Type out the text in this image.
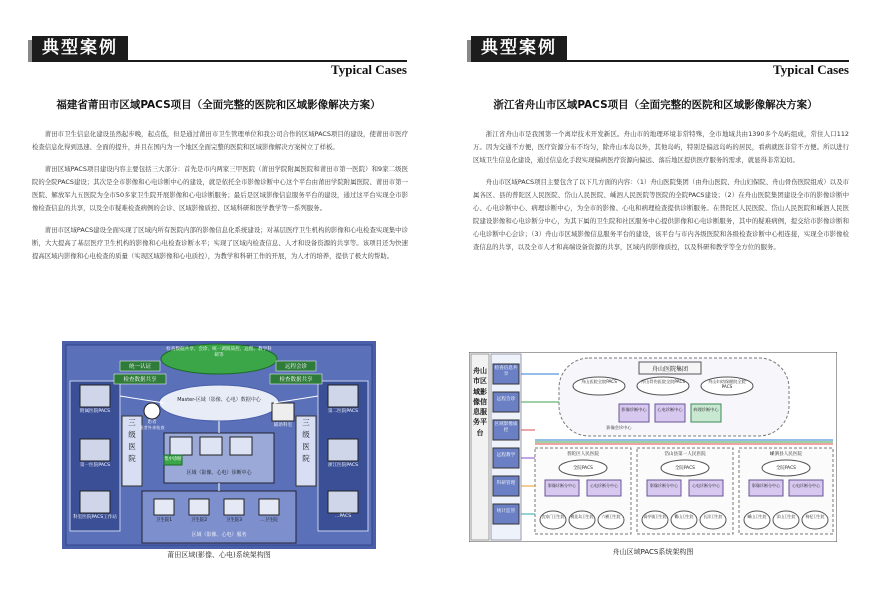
典型案例
Typical Cases
福建省莆田市区域PACS项目（全面完整的医院和区域影像解决方案）

莆田市卫生信息化建设虽然起步晚，起点低，但是通过莆田市卫生管理单位和我公司合作的区域PACS项目的建设，使莆田市医疗检查信息化得到迅速、全面的提升，并且在国内为一个地区全面完整的医院和区域影像解决方案树立了样板。

莆田区域PACS项目建设内容主要包括三大部分：首先是市内两家三甲医院（莆田学院附属医院和莆田市第一医院）和9家二级医院的全院PACS建设；其次是全市影像和心电诊断中心的建设，就是依托全市影像诊断中心这个平台由莆田学院附属医院、莆田市第一医院、解放军九五医院为全市50多家卫生院开展影像和心电诊断服务；最后是区域影像信息服务平台的建设，通过这平台实现全市影像检查信息的共享，以及全市疑难检查病例的会诊、区域影像质控、区域科研和医学教学等一系列服务。

莆田市区域PACS建设全面实现了区域内所有医院内部的影像信息化系统建设；对基层医疗卫生机构的影像和心电检查实现集中诊断，大大提高了基层医疗卫生机构的影像和心电检查诊断水平；实现了区域内检查信息、人才和设备资源的共享等。该项目还为快速提高区域内影像和心电检查的质量（实现区域影像和心电质控），为教学和科研工作的开展，为人才的培养，提供了极大的帮助。

三
级
医
院
三
级
医
院
检查数据共享、会诊、统一调阅质控、远程、教学科研等
统一认证
检查数据共享
远程会诊
检查数据共享
Master-区域（影像、心电）数据中心
附属医院PACS
第一医院PACS
科室医院PACS工作站
第二医院PACS
浙江医院PACS
…PACS
集中诊断
区域（影像、心电）诊断中心
患者
患者外来检查	辅助科室
卫生院1	卫生院2	卫生院3	…卫生院
区域（影像、心电）服务
莆田区域(影像、心电)系统架构图
典型案例
Typical Cases
浙江省舟山市区域PACS项目（全面完整的医院和区域影像解决方案）

浙江省舟山市是我国第一个离岸技术开发新区。舟山市的地理环境非常特殊，全市地域共由1390多个岛屿组成，常住人口112万。因为交通不方便，医疗资源分布不均匀，除舟山本岛以外，其他岛屿，特别是偏远岛屿的居民，看病就医非常不方便。所以进行区域卫生信息化建设，通过信息化手段实现偏病医疗资源向偏远、落后地区提供医疗服务的需求，就显得非常迫切。

舟山市区域PACS项目主要包含了以下几方面的内容：（1）舟山医院集团（由舟山医院、舟山妇保院、舟山骨伤医院组成）以及市属各区、县的普陀区人民医院、岱山人民医院、嵊泗人民医院等医院的全院PACS建设；（2）在舟山医院集团建设全市的影像诊断中心、心电诊断中心、病理诊断中心，为全市的影像、心电和病理检查提供诊断服务。在普陀区人民医院、岱山人民医院和嵊泗人民医院建设影像和心电诊断分中心，为其下属的卫生院和社区服务中心提供影像和心电诊断服务，其中的疑难病例，提交给市影像诊断和心电诊断中心会诊；（3）舟山市区域影像信息服务平台的建设，该平台与市内各级医院和各级检查诊断中心相连接，实现全市影像检查信息的共享，以及全市人才和高端设备资源的共享，区域内的影像质控，以及科研和教学等全方位的服务。

舟山市区域影像信息服务平台
检查信息共享
远程会诊
区域影像质控
远程教学
科研管理
统计监管
舟山医院集团
舟山医院全院PACS	舟山骨伤医院全院PACS	舟山妇幼保健院全院PACS
影像诊断中心	心电诊断中心	病理诊断中心
影像会诊中心
普陀区人民医院	岱山县第一人民医院	嵊泗县人民医院
全院PACS	全院PACS	全院PACS
影像诊断分中心	心电诊断分中心	影像诊断分中心	心电诊断分中心	影像诊断分中心	心电诊断分中心
沈家门卫生院	桃花岛卫生院	六横卫生院	高亭镇卫生院	衢山卫生院	长涂卫生院	嵊山卫生院	洋山卫生院	枸杞卫生院
舟山区域PACS系统架构图
